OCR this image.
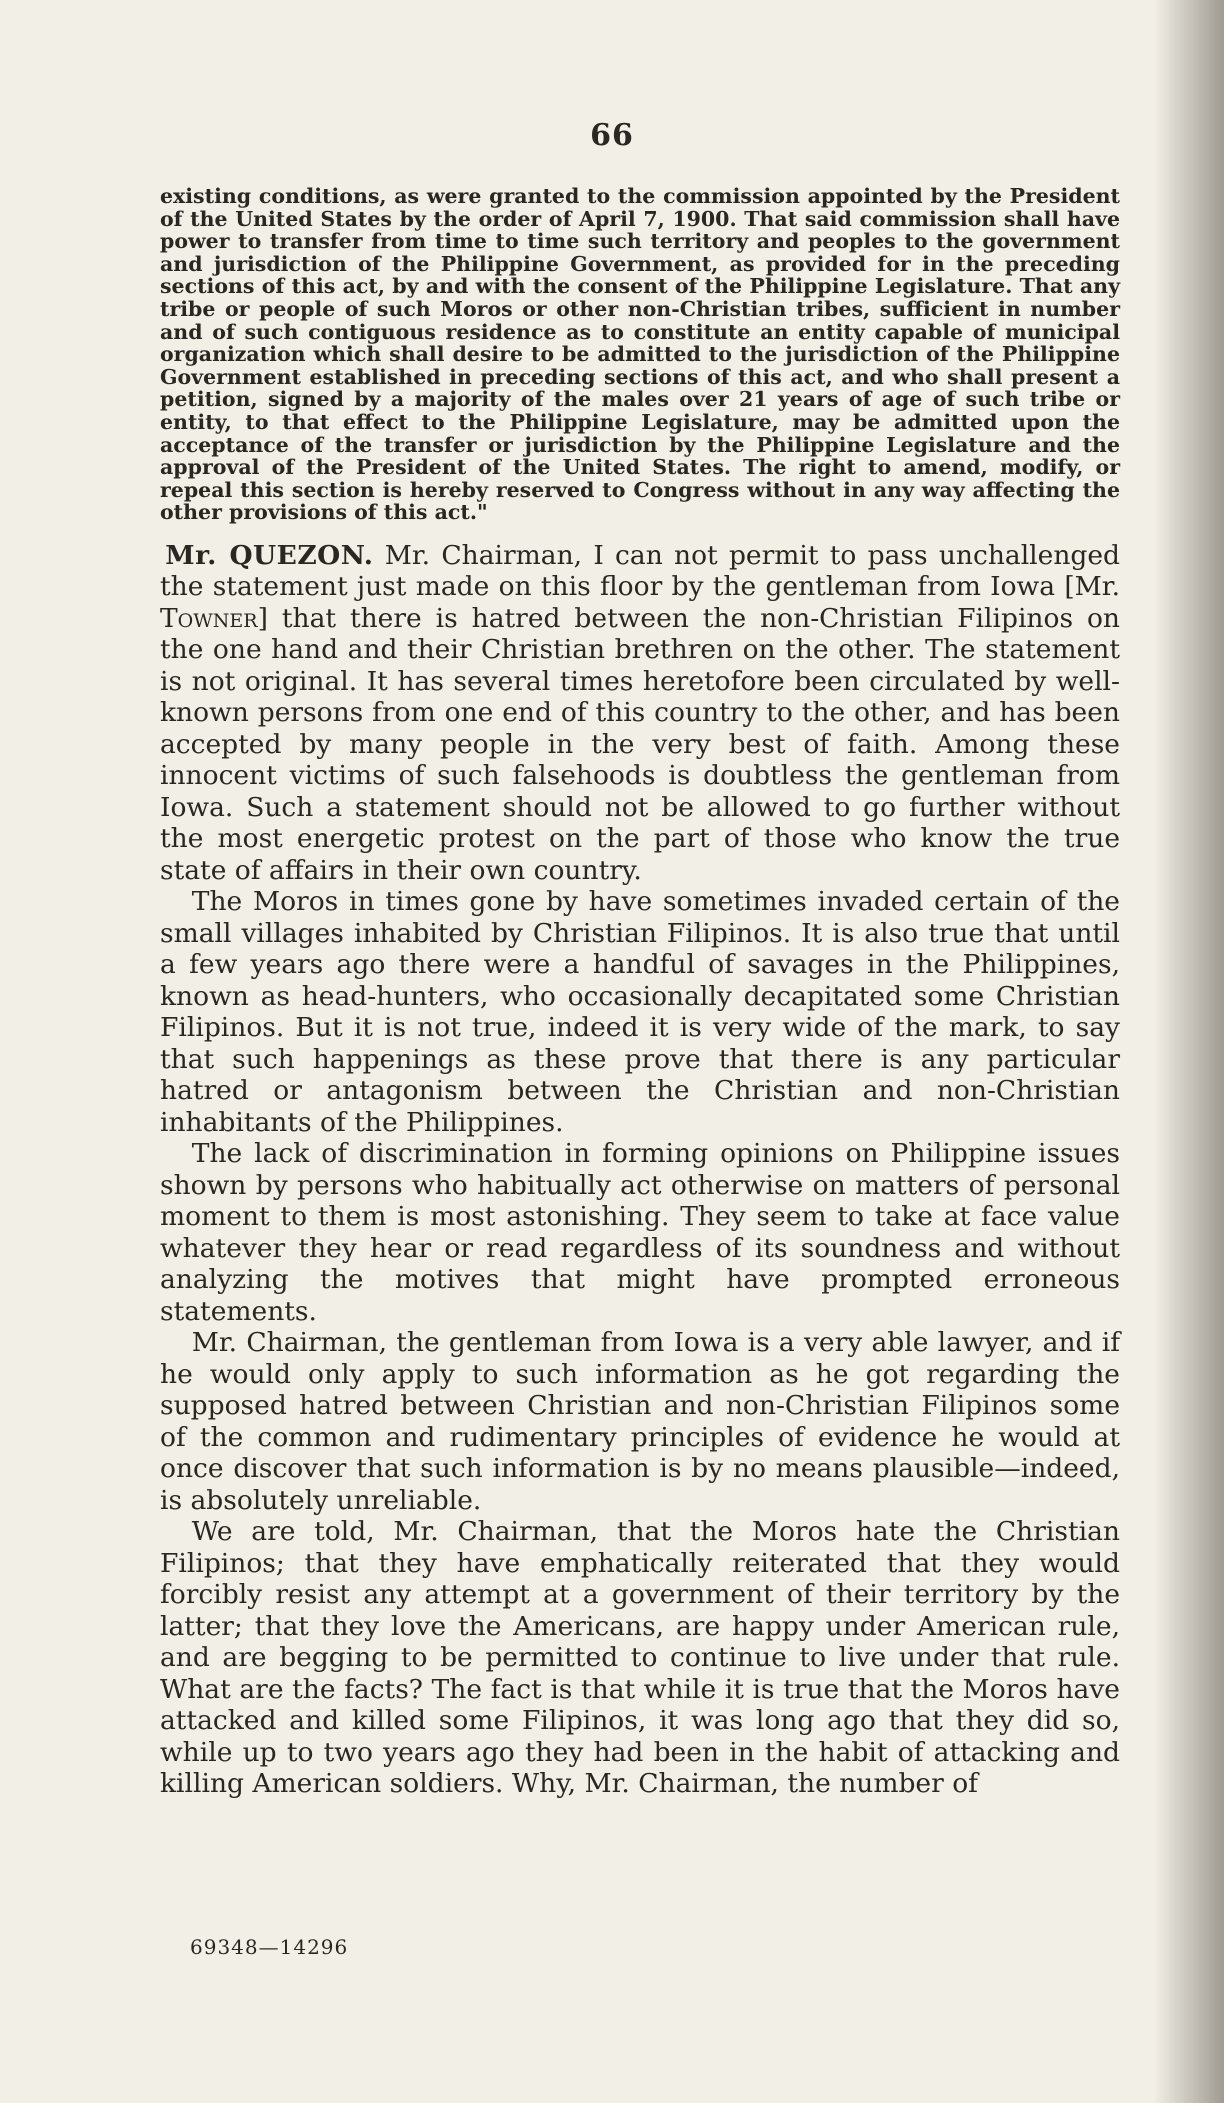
66

existing conditions, as were granted to the commission appointed by the President of the United States by the order of April 7, 1900. That said commission shall have power to transfer from time to time such territory and peoples to the government and jurisdiction of the Philippine Government, as provided for in the preceding sections of this act, by and with the consent of the Philippine Legislature. That any tribe or people of such Moros or other non-Christian tribes, sufficient in number and of such contiguous residence as to constitute an entity capable of municipal organization which shall desire to be admitted to the jurisdiction of the Philippine Government established in preceding sections of this act, and who shall present a petition, signed by a majority of the males over 21 years of age of such tribe or entity, to that effect to the Philippine Legislature, may be admitted upon the acceptance of the transfer or jurisdiction by the Philippine Legislature and the approval of the President of the United States. The right to amend, modify, or repeal this section is hereby reserved to Congress without in any way affecting the other provisions of this act."

Mr. QUEZON. Mr. Chairman, I can not permit to pass unchallenged the statement just made on this floor by the gentleman from Iowa [Mr. Towner] that there is hatred between the non-Christian Filipinos on the one hand and their Christian brethren on the other. The statement is not original. It has several times heretofore been circulated by well-known persons from one end of this country to the other, and has been accepted by many people in the very best of faith. Among these innocent victims of such falsehoods is doubtless the gentleman from Iowa. Such a statement should not be allowed to go further without the most energetic protest on the part of those who know the true state of affairs in their own country.

The Moros in times gone by have sometimes invaded certain of the small villages inhabited by Christian Filipinos. It is also true that until a few years ago there were a handful of savages in the Philippines, known as head-hunters, who occasionally decapitated some Christian Filipinos. But it is not true, indeed it is very wide of the mark, to say that such happenings as these prove that there is any particular hatred or antagonism between the Christian and non-Christian inhabitants of the Philippines.

The lack of discrimination in forming opinions on Philippine issues shown by persons who habitually act otherwise on matters of personal moment to them is most astonishing. They seem to take at face value whatever they hear or read regardless of its soundness and without analyzing the motives that might have prompted erroneous statements.

Mr. Chairman, the gentleman from Iowa is a very able lawyer, and if he would only apply to such information as he got regarding the supposed hatred between Christian and non-Christian Filipinos some of the common and rudimentary principles of evidence he would at once discover that such information is by no means plausible—indeed, is absolutely unreliable.

We are told, Mr. Chairman, that the Moros hate the Christian Filipinos; that they have emphatically reiterated that they would forcibly resist any attempt at a government of their territory by the latter; that they love the Americans, are happy under American rule, and are begging to be permitted to continue to live under that rule. What are the facts? The fact is that while it is true that the Moros have attacked and killed some Filipinos, it was long ago that they did so, while up to two years ago they had been in the habit of attacking and killing American soldiers. Why, Mr. Chairman, the number of

69348—14296
